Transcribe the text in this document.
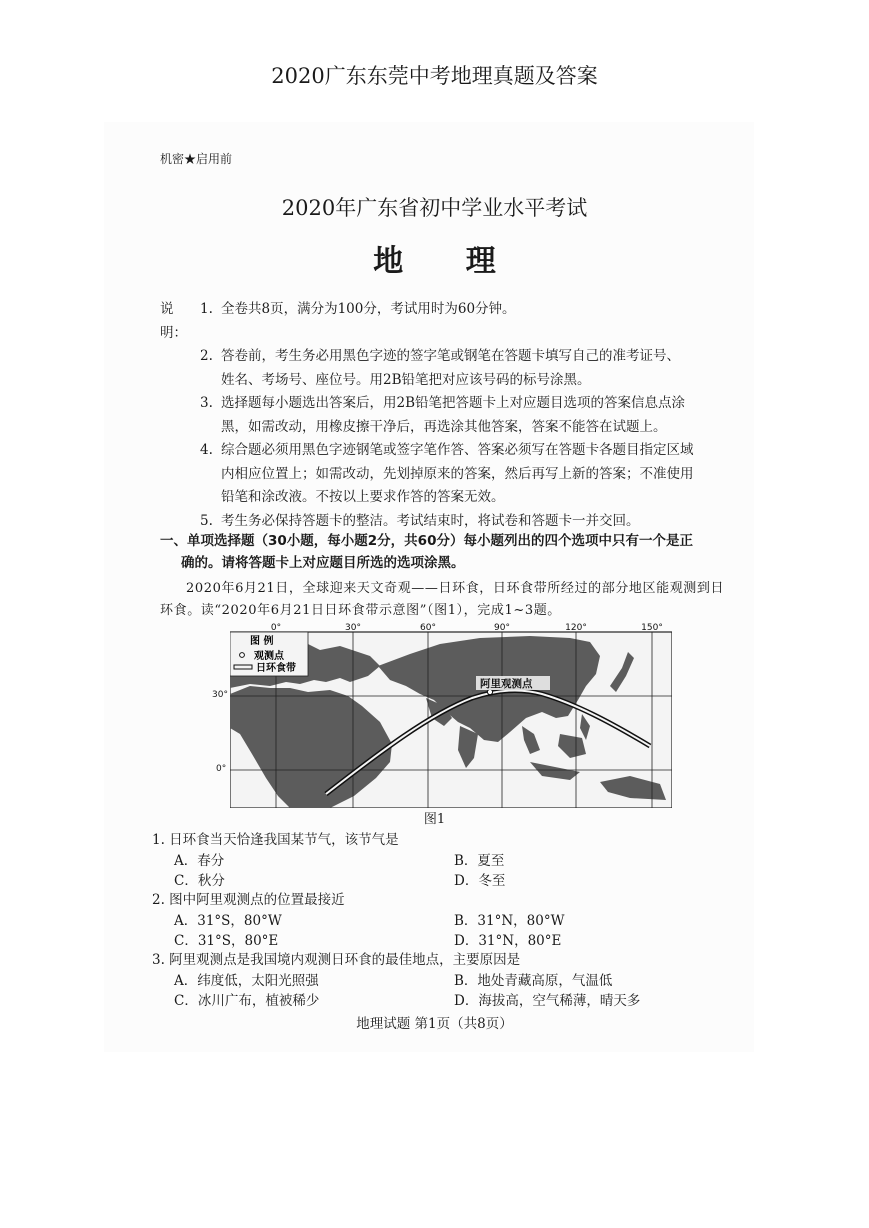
2020广东东莞中考地理真题及答案
机密★启用前
2020年广东省初中学业水平考试
地 理
说明：
1. 全卷共8页，满分为100分，考试用时为60分钟。
2. 答卷前，考生务必用黑色字迹的签字笔或钢笔在答题卡填写自己的准考证号、
姓名、考场号、座位号。用2B铅笔把对应该号码的标号涂黑。
3. 选择题每小题选出答案后，用2B铅笔把答题卡上对应题目选项的答案信息点涂
黑，如需改动，用橡皮擦干净后，再选涂其他答案，答案不能答在试题上。
4. 综合题必须用黑色字迹钢笔或签字笔作答、答案必须写在答题卡各题目指定区域
内相应位置上；如需改动，先划掉原来的答案，然后再写上新的答案；不准使用
铅笔和涂改液。不按以上要求作答的答案无效。
5. 考生务必保持答题卡的整洁。考试结束时，将试卷和答题卡一并交回。
一、单项选择题（30小题，每小题2分，共60分）每小题列出的四个选项中只有一个是正
确的。请将答题卡上对应题目所选的选项涂黑。
2020年6月21日，全球迎来天文奇观——日环食，日环食带所经过的部分地区能观测到日环食。读“2020年6月21日日环食带示意图”（图1），完成1~3题。
阿里观测点
图 例
观测点
日环食带
0°	30°	60°	90°	120°	150°
30°
0°
图1
1. 日环食当天恰逢我国某节气，该节气是
A．春分	B．夏至
C．秋分	D．冬至
2. 图中阿里观测点的位置最接近
A．31°S，80°W	B．31°N，80°W
C．31°S，80°E	D．31°N，80°E
3. 阿里观测点是我国境内观测日环食的最佳地点，主要原因是
A．纬度低，太阳光照强	B．地处青藏高原，气温低
C．冰川广布，植被稀少	D．海拔高，空气稀薄，晴天多
地理试题 第1页（共8页）
